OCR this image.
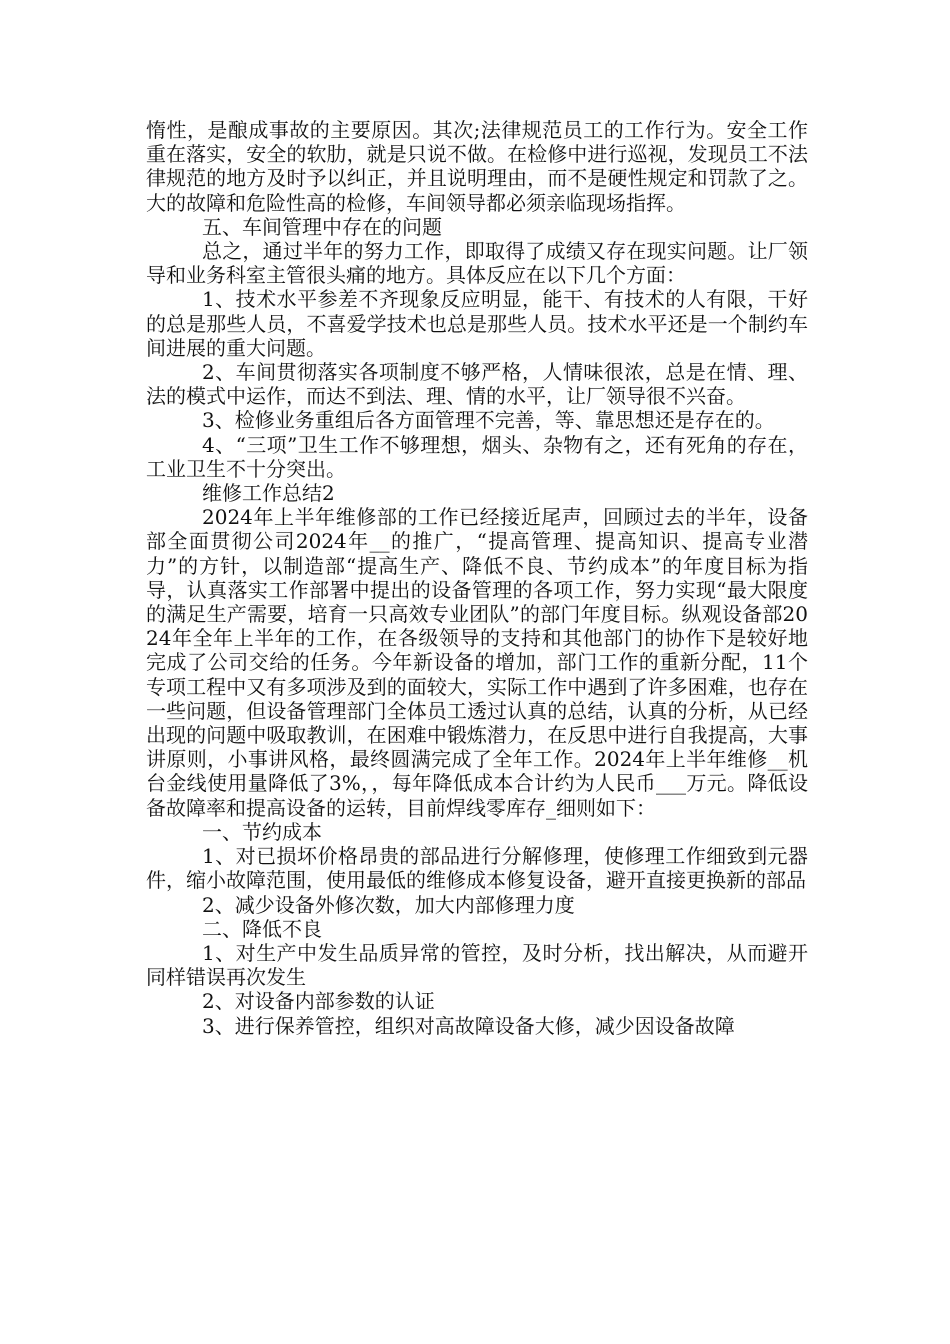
惰性，是酿成事故的主要原因。其次;法律规范员工的工作行为。安全工作重在落实，安全的软肋，就是只说不做。在检修中进行巡视，发现员工不法律规范的地方及时予以纠正，并且说明理由，而不是硬性规定和罚款了之。大的故障和危险性高的检修，车间领导都必须亲临现场指挥。

五、车间管理中存在的问题

总之，通过半年的努力工作，即取得了成绩又存在现实问题。让厂领导和业务科室主管很头痛的地方。具体反应在以下几个方面：

1、技术水平参差不齐现象反应明显，能干、有技术的人有限，干好的总是那些人员，不喜爱学技术也总是那些人员。技术水平还是一个制约车间进展的重大问题。

2、车间贯彻落实各项制度不够严格，人情味很浓，总是在情、理、法的模式中运作，而达不到法、理、情的水平，让厂领导很不兴奋。

3、检修业务重组后各方面管理不完善，等、靠思想还是存在的。

4、“三项”卫生工作不够理想，烟头、杂物有之，还有死角的存在，工业卫生不十分突出。

维修工作总结2

2024年上半年维修部的工作已经接近尾声，回顾过去的半年，设备部全面贯彻公司2024年__的推广，“提高管理、提高知识、提高专业潜力”的方针，以制造部“提高生产、降低不良、节约成本”的年度目标为指导，认真落实工作部署中提出的设备管理的各项工作，努力实现“最大限度的满足生产需要，培育一只高效专业团队”的部门年度目标。纵观设备部2024年全年上半年的工作，在各级领导的支持和其他部门的协作下是较好地完成了公司交给的任务。今年新设备的增加，部门工作的重新分配，11个专项工程中又有多项涉及到的面较大，实际工作中遇到了许多困难，也存在一些问题，但设备管理部门全体员工透过认真的总结，认真的分析，从已经出现的问题中吸取教训，在困难中锻炼潜力，在反思中进行自我提高，大事讲原则，小事讲风格，最终圆满完成了全年工作。2024年上半年维修__机台金线使用量降低了3%，，每年降低成本合计约为人民币___万元。降低设备故障率和提高设备的运转，目前焊线零库存_细则如下：

一、节约成本

1、对已损坏价格昂贵的部品进行分解修理，使修理工作细致到元器件，缩小故障范围，使用最低的维修成本修复设备，避开直接更换新的部品

2、减少设备外修次数，加大内部修理力度

二、降低不良

1、对生产中发生品质异常的管控，及时分析，找出解决，从而避开同样错误再次发生

2、对设备内部参数的认证

3、进行保养管控，组织对高故障设备大修，减少因设备故障
